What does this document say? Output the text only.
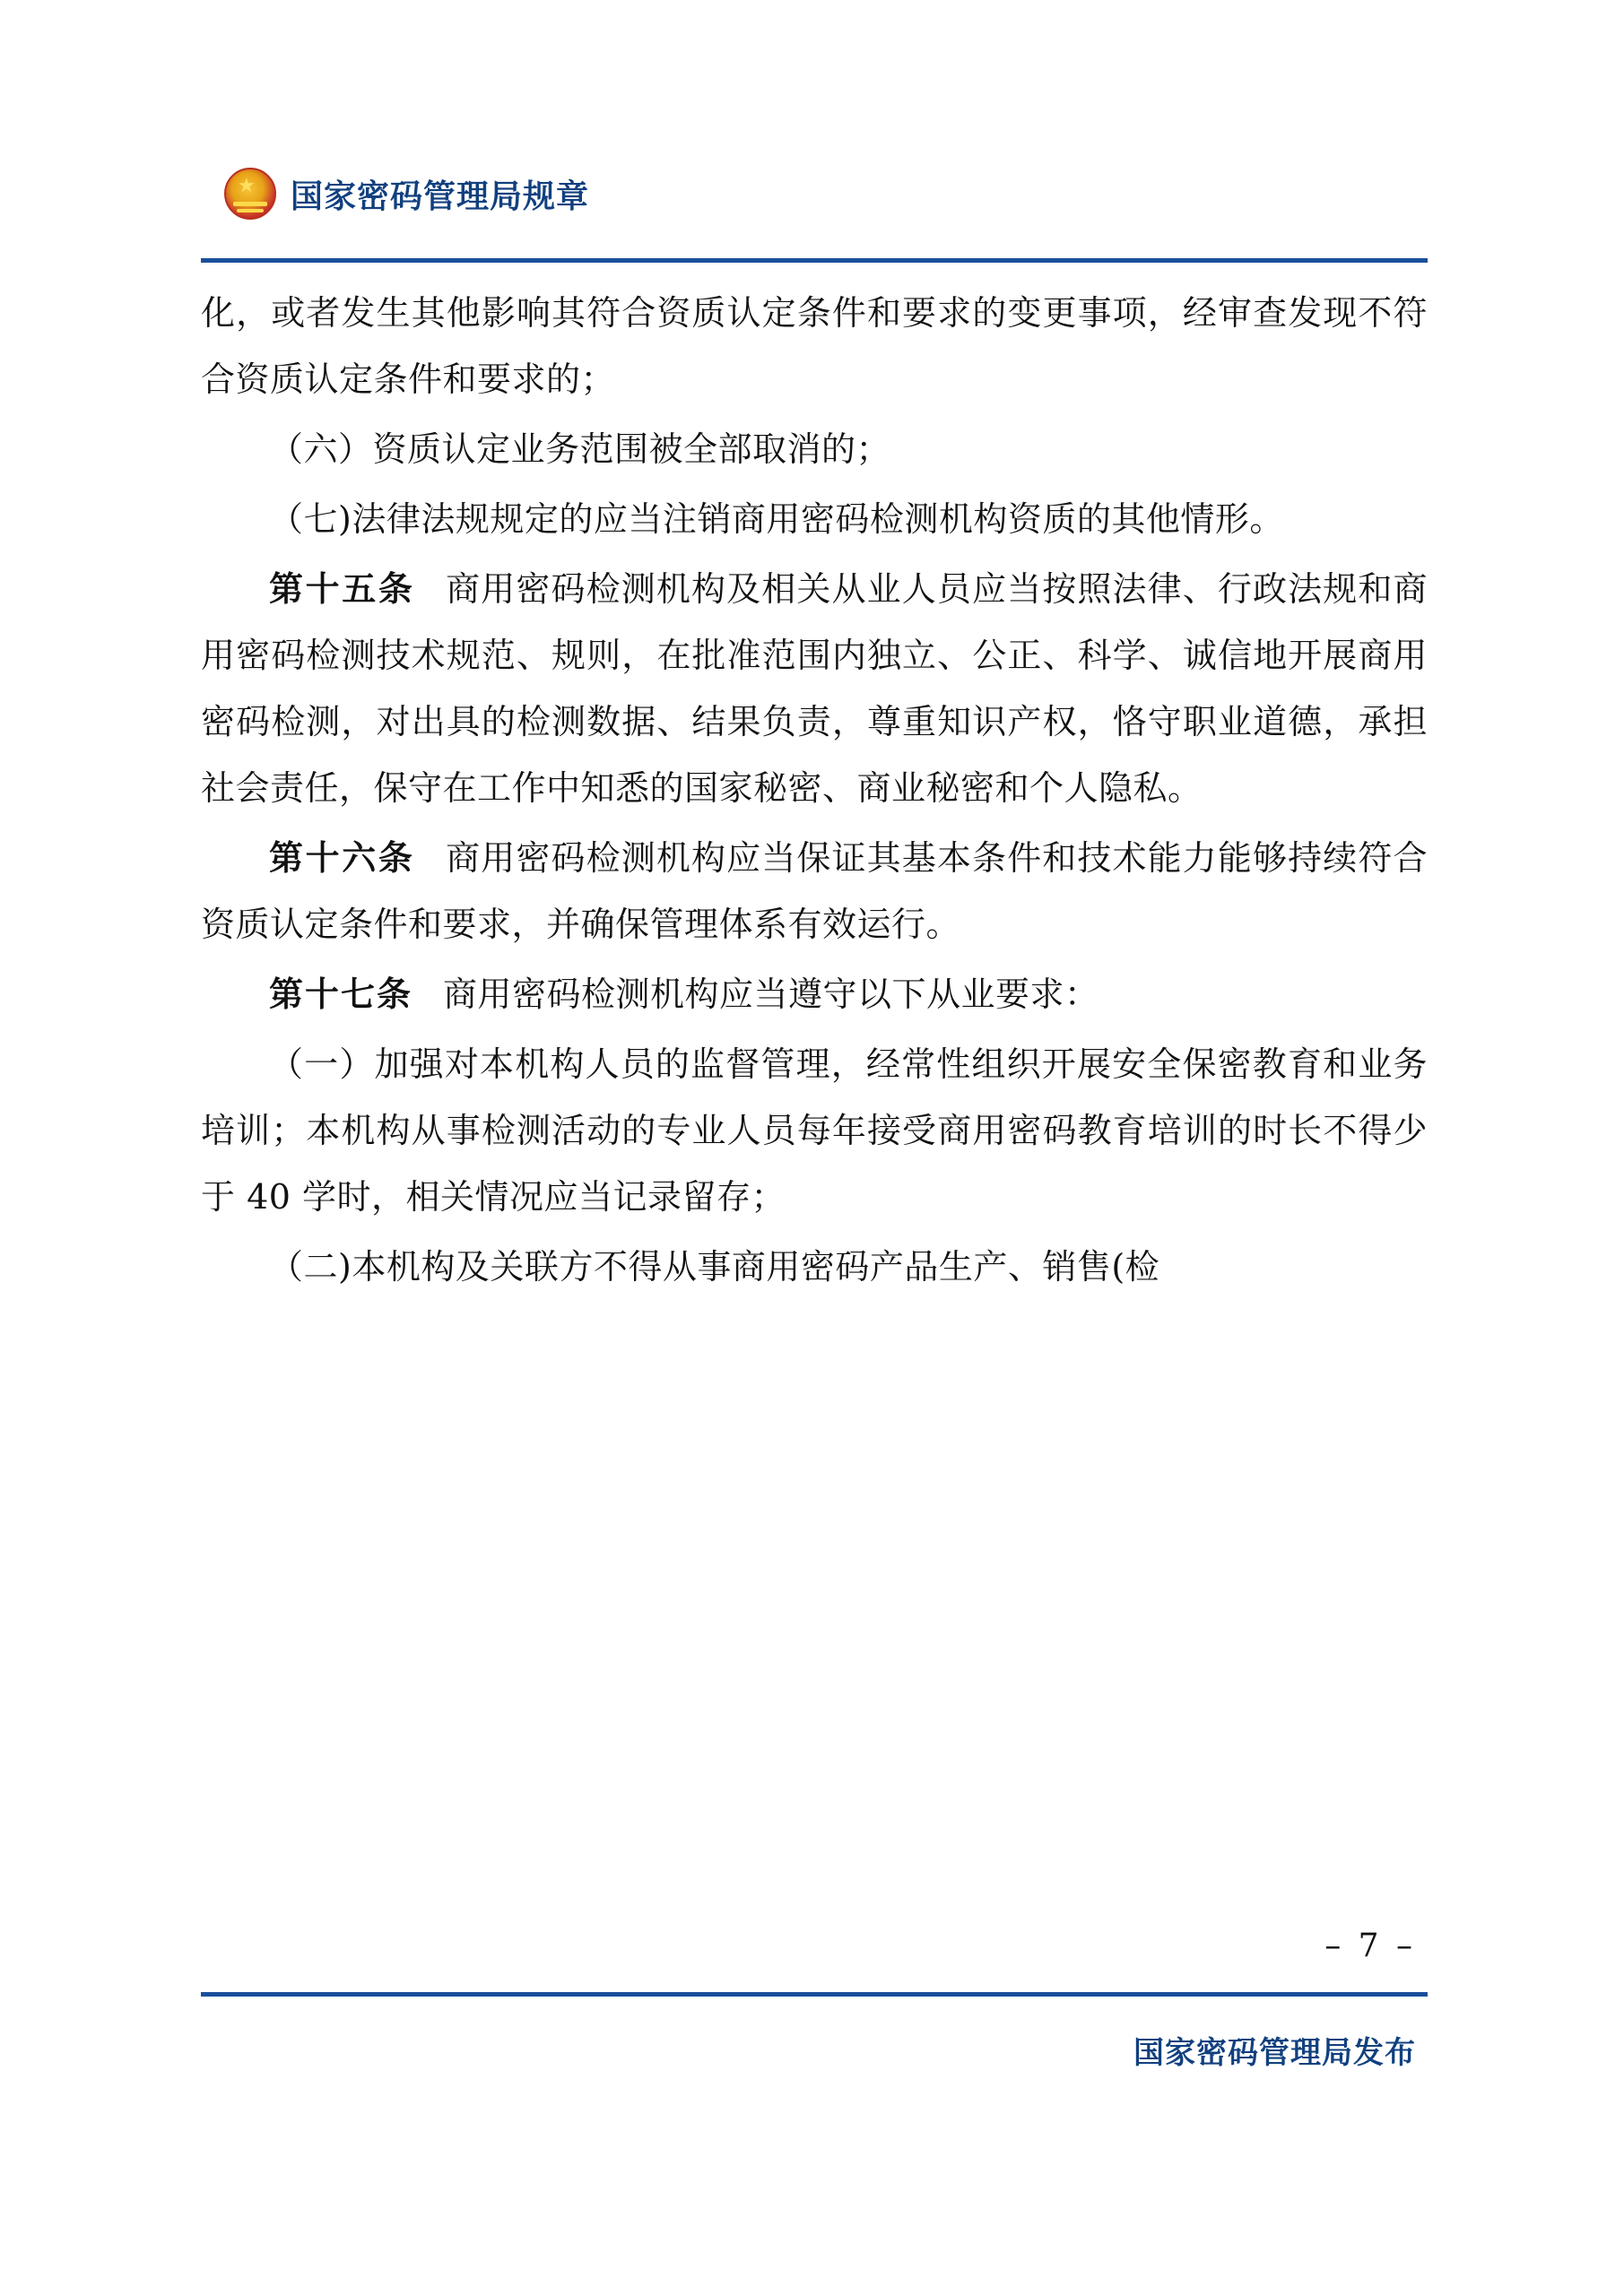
★ 国家密码管理局规章

化，或者发生其他影响其符合资质认定条件和要求的变更事项，经审查发现不符合资质认定条件和要求的；

（六）资质认定业务范围被全部取消的；

（七)法律法规规定的应当注销商用密码检测机构资质的其他情形。

第十五条 商用密码检测机构及相关从业人员应当按照法律、行政法规和商用密码检测技术规范、规则，在批准范围内独立、公正、科学、诚信地开展商用密码检测，对出具的检测数据、结果负责，尊重知识产权，恪守职业道德，承担社会责任，保守在工作中知悉的国家秘密、商业秘密和个人隐私。

第十六条 商用密码检测机构应当保证其基本条件和技术能力能够持续符合资质认定条件和要求，并确保管理体系有效运行。

第十七条 商用密码检测机构应当遵守以下从业要求：

（一）加强对本机构人员的监督管理，经常性组织开展安全保密教育和业务培训；本机构从事检测活动的专业人员每年接受商用密码教育培训的时长不得少于 40 学时，相关情况应当记录留存；

（二)本机构及关联方不得从事商用密码产品生产、销售(检

– 7 –
国家密码管理局发布
